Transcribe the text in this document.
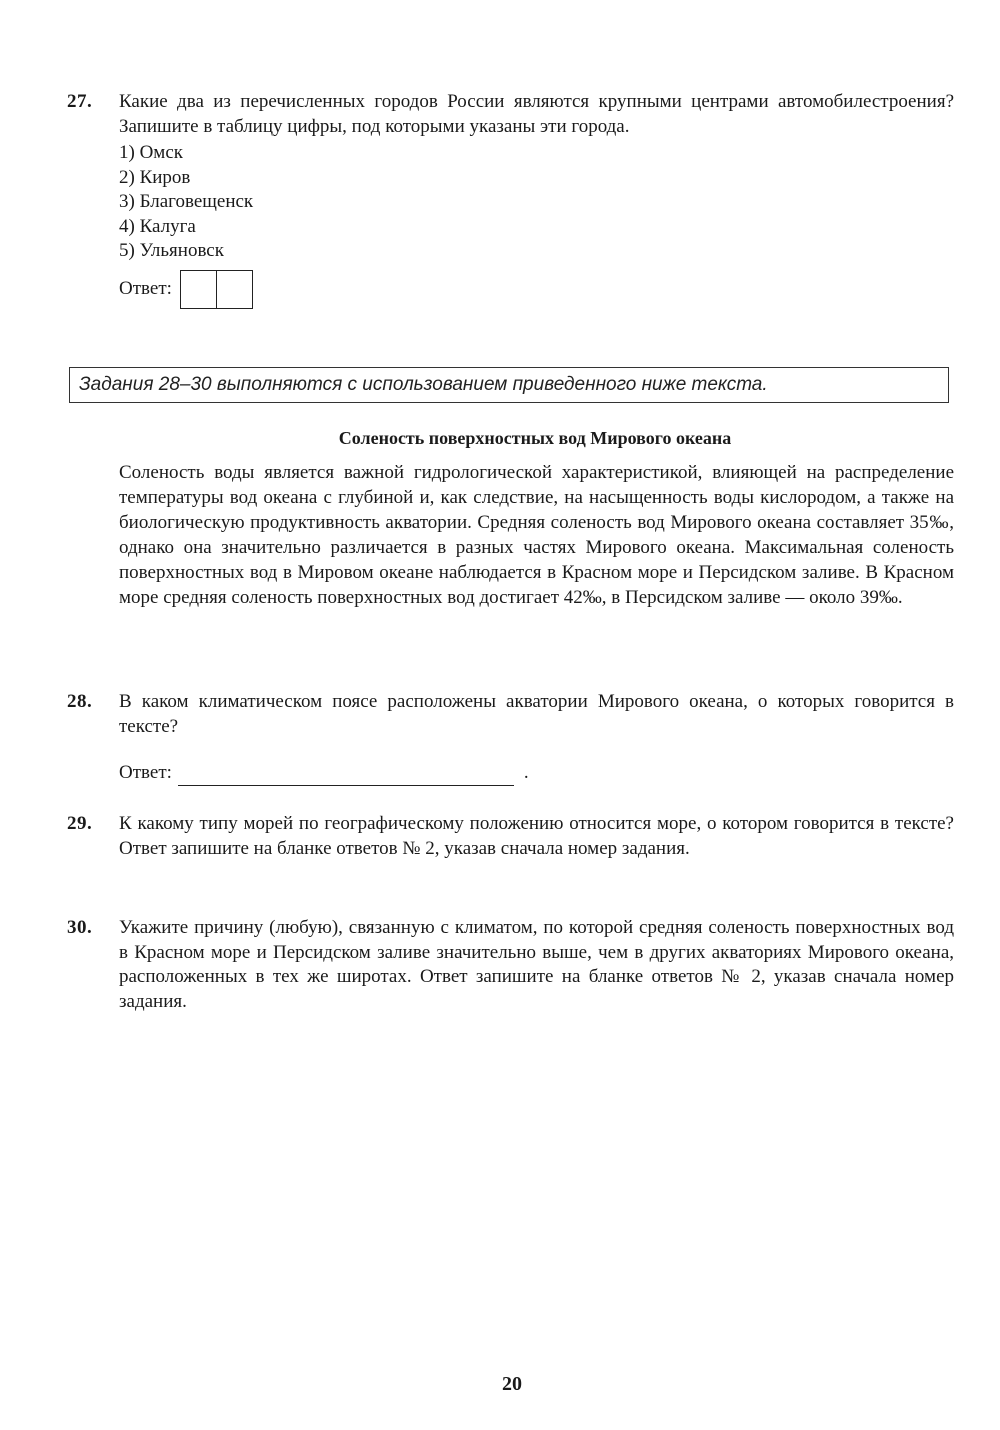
27. Какие два из перечисленных городов России являются крупными центрами автомобилестроения? Запишите в таблицу цифры, под которыми указаны эти города.
1) Омск
2) Киров
3) Благовещенск
4) Калуга
5) Ульяновск
Ответ:
Задания 28–30 выполняются с использованием приведенного ниже текста.
Соленость поверхностных вод Мирового океана

Соленость воды является важной гидрологической характеристикой, влияющей на распределение температуры вод океана с глубиной и, как следствие, на насыщенность воды кислородом, а также на биологическую продуктивность акватории. Средняя соленость вод Мирового океана составляет 35‰, однако она значительно различается в разных частях Мирового океана. Максимальная соленость поверхностных вод в Мировом океане наблюдается в Красном море и Персидском заливе. В Красном море средняя соленость поверхностных вод достигает 42‰, в Персидском заливе — около 39‰.

28. В каком климатическом поясе расположены акватории Мирового океана, о которых говорится в тексте?
Ответ:	.
29. К какому типу морей по географическому положению относится море, о котором говорится в тексте? Ответ запишите на бланке ответов № 2, указав сначала номер задания.
30. Укажите причину (любую), связанную с климатом, по которой средняя соленость поверхностных вод в Красном море и Персидском заливе значительно выше, чем в других акваториях Мирового океана, расположенных в тех же широтах. Ответ запишите на бланке ответов № 2, указав сначала номер задания.
20
